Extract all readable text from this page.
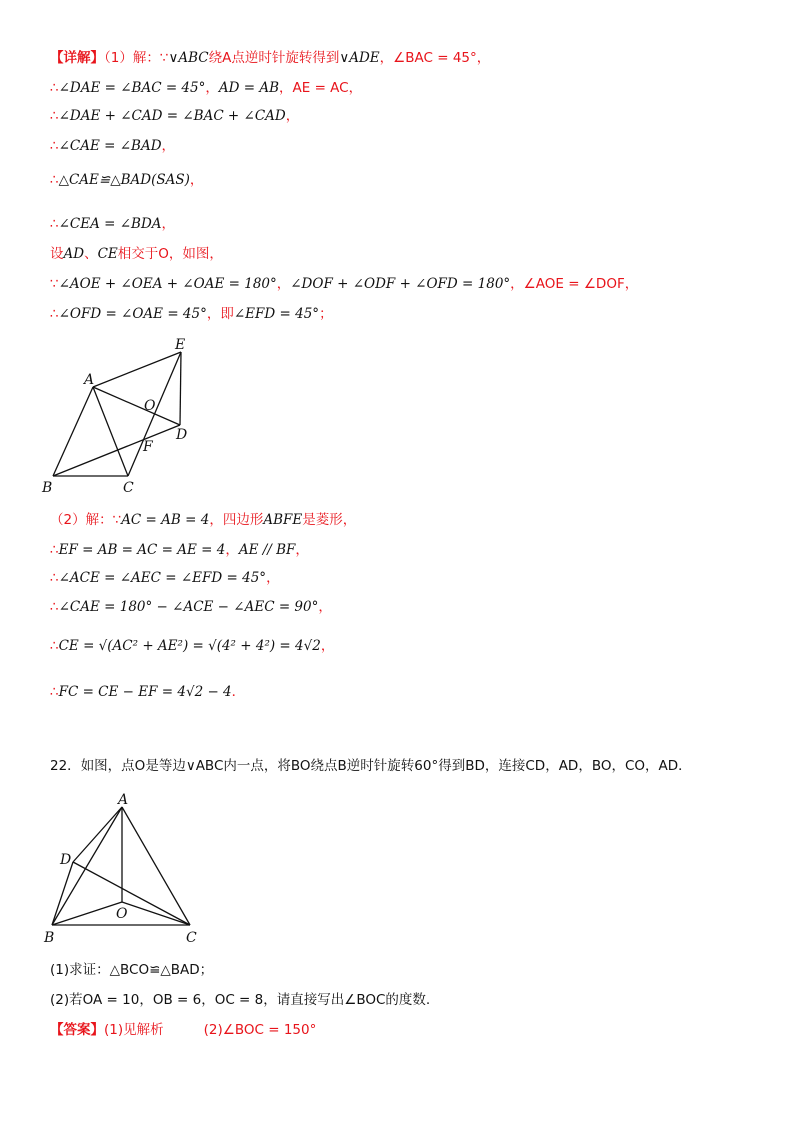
【详解】（1）解：∵∨ABC绕A点逆时针旋转得到∨ADE，∠BAC = 45°，
∴∠DAE = ∠BAC = 45°，AD = AB，AE = AC，
∴∠DAE + ∠CAD = ∠BAC + ∠CAD，
∴∠CAE = ∠BAD，
∴△CAE≌△BAD(SAS)，
∴∠CEA = ∠BDA，
设AD、CE相交于O，如图，
∵∠AOE + ∠OEA + ∠OAE = 180°，∠DOF + ∠ODF + ∠OFD = 180°，∠AOE = ∠DOF，
∴∠OFD = ∠OAE = 45°，即∠EFD = 45°；
A
B	C
D
E
F
O
（2）解：∵AC = AB = 4，四边形ABFE是菱形，
∴EF = AB = AC = AE = 4，AE // BF，
∴∠ACE = ∠AEC = ∠EFD = 45°，
∴∠CAE = 180° − ∠ACE − ∠AEC = 90°，
∴CE = √(AC² + AE²) = √(4² + 4²) = 4√2，
∴FC = CE − EF = 4√2 − 4．
22．如图，点O是等边∨ABC内一点，将BO绕点B逆时针旋转60°得到BD，连接CD，AD，BO，CO，AD．
A
B	C
D
O
(1)求证：△BCO≌△BAD；
(2)若OA = 10，OB = 6，OC = 8，请直接写出∠BOC的度数.
【答案】(1)见解析	(2)∠BOC = 150°
